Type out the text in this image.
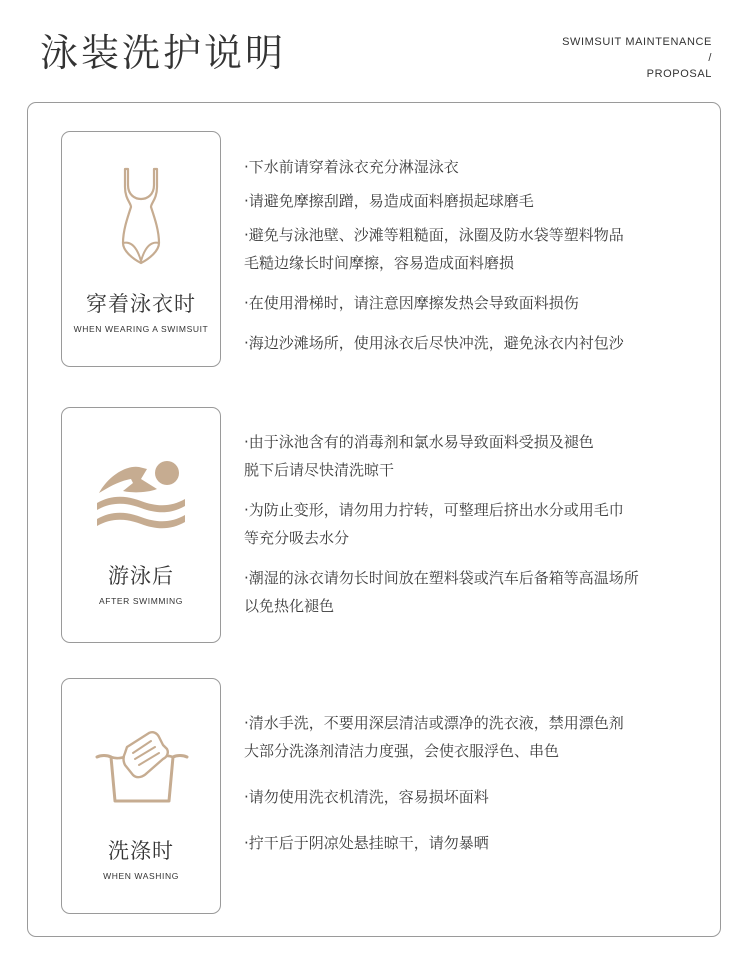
泳装洗护说明	SWIMSUIT MAINTENANCE
/
PROPOSAL
穿着泳衣时
WHEN WEARING A SWIMSUIT
·下水前请穿着泳衣充分淋湿泳衣
·请避免摩擦刮蹭，易造成面料磨损起球磨毛
·避免与泳池壁、沙滩等粗糙面，泳圈及防水袋等塑料物品
毛糙边缘长时间摩擦，容易造成面料磨损
·在使用滑梯时，请注意因摩擦发热会导致面料损伤
·海边沙滩场所，使用泳衣后尽快冲洗，避免泳衣内衬包沙
游泳后
AFTER SWIMMING
·由于泳池含有的消毒剂和氯水易导致面料受损及褪色
脱下后请尽快清洗晾干
·为防止变形，请勿用力拧转，可整理后挤出水分或用毛巾
等充分吸去水分
·潮湿的泳衣请勿长时间放在塑料袋或汽车后备箱等高温场所
以免热化褪色
洗涤时
WHEN WASHING
·清水手洗，不要用深层清洁或漂净的洗衣液，禁用漂色剂
大部分洗涤剂清洁力度强，会使衣服浮色、串色
·请勿使用洗衣机清洗，容易损坏面料
·拧干后于阴凉处悬挂晾干，请勿暴晒
